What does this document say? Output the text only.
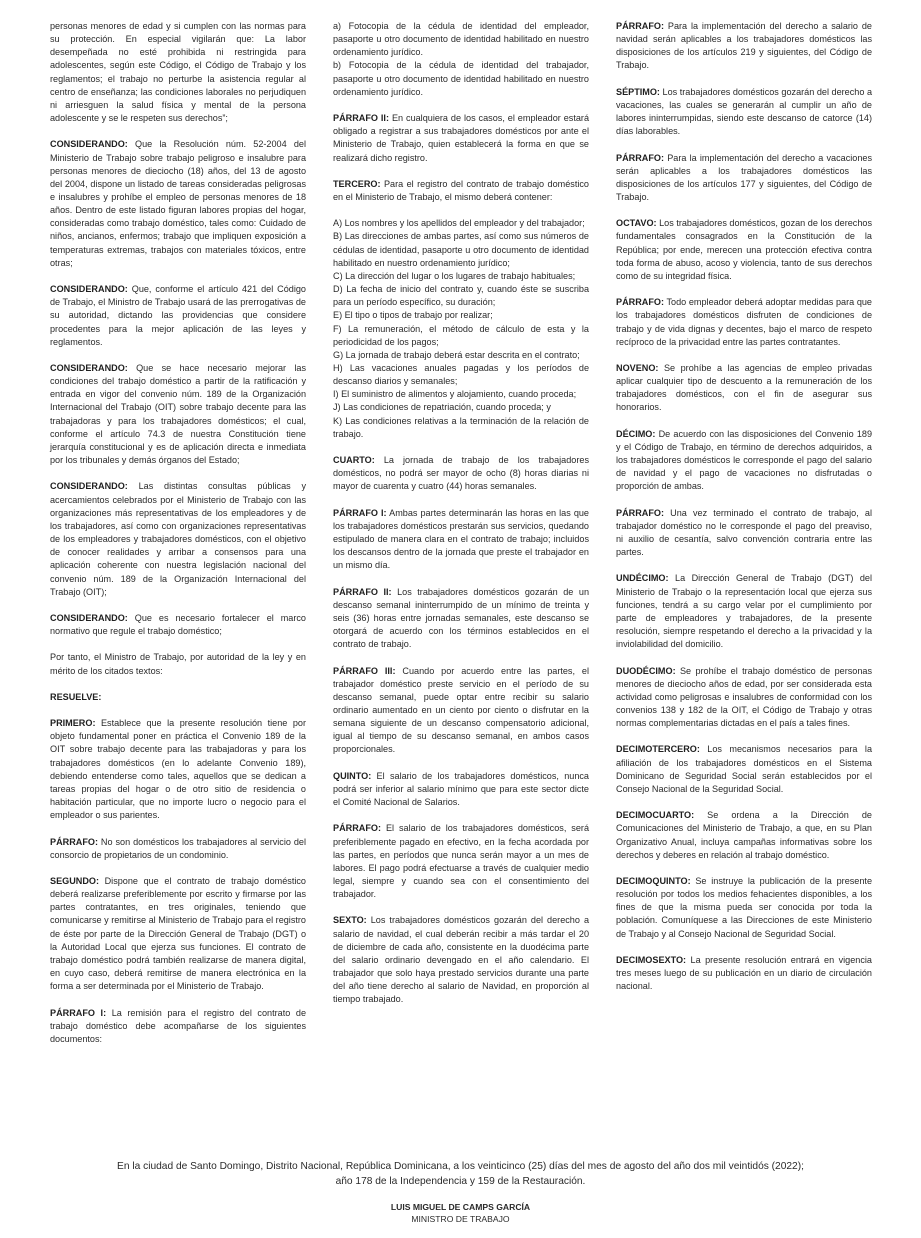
personas menores de edad y si cumplen con las normas para su protección. En especial vigilarán que: La labor desempeñada no esté prohibida ni restringida para adolescentes, según este Código, el Código de Trabajo y los reglamentos; el trabajo no perturbe la asistencia regular al centro de enseñanza; las condiciones laborales no perjudiquen ni arriesguen la salud física y mental de la persona adolescente y se le respeten sus derechos”;

CONSIDERANDO: Que la Resolución núm. 52-2004 del Ministerio de Trabajo sobre trabajo peligroso e insalubre para personas menores de dieciocho (18) años, del 13 de agosto del 2004, dispone un listado de tareas consideradas peligrosas e insalubres y prohíbe el empleo de personas menores de 18 años. Dentro de este listado figuran labores propias del hogar, consideradas como trabajo doméstico, tales como: Cuidado de niños, ancianos, enfermos; trabajo que impliquen exposición a temperaturas extremas, trabajos con materiales tóxicos, entre otras;

CONSIDERANDO: Que, conforme el artículo 421 del Código de Trabajo, el Ministro de Trabajo usará de las prerrogativas de su autoridad, dictando las providencias que considere procedentes para la mejor aplicación de las leyes y reglamentos.

CONSIDERANDO: Que se hace necesario mejorar las condiciones del trabajo doméstico a partir de la ratificación y entrada en vigor del convenio núm. 189 de la Organización Internacional del Trabajo (OIT) sobre trabajo decente para las trabajadoras y para los trabajadores domésticos; el cual, conforme el artículo 74.3 de nuestra Constitución tiene jerarquía constitucional y es de aplicación directa e inmediata por los tribunales y demás órganos del Estado;

CONSIDERANDO: Las distintas consultas públicas y acercamientos celebrados por el Ministerio de Trabajo con las organizaciones más representativas de los empleadores y de los trabajadores, así como con organizaciones representativas de los empleadores y trabajadores domésticos, con el objetivo de conocer realidades y arribar a consensos para una aplicación coherente con nuestra legislación nacional del convenio núm. 189 de la Organización Internacional del Trabajo (OIT);

CONSIDERANDO: Que es necesario fortalecer el marco normativo que regule el trabajo doméstico;

Por tanto, el Ministro de Trabajo, por autoridad de la ley y en mérito de los citados textos:

RESUELVE:

PRIMERO: Establece que la presente resolución tiene por objeto fundamental poner en práctica el Convenio 189 de la OIT sobre trabajo decente para las trabajadoras y para los trabajadores domésticos (en lo adelante Convenio 189), debiendo entenderse como tales, aquellos que se dedican a tareas propias del hogar o de otro sitio de residencia o habitación particular, que no importe lucro o negocio para el empleador o sus parientes.

PÁRRAFO: No son domésticos los trabajadores al servicio del consorcio de propietarios de un condominio.

SEGUNDO: Dispone que el contrato de trabajo doméstico deberá realizarse preferiblemente por escrito y firmarse por las partes contratantes, en tres originales, teniendo que comunicarse y remitirse al Ministerio de Trabajo para el registro de éste por parte de la Dirección General de Trabajo (DGT) o la Autoridad Local que ejerza sus funciones. El contrato de trabajo doméstico podrá también realizarse de manera digital, en cuyo caso, deberá remitirse de manera electrónica en la forma a ser determinada por el Ministerio de Trabajo.

PÁRRAFO I: La remisión para el registro del contrato de trabajo doméstico debe acompañarse de los siguientes documentos:

a) Fotocopia de la cédula de identidad del empleador, pasaporte u otro documento de identidad habilitado en nuestro ordenamiento jurídico.

b) Fotocopia de la cédula de identidad del trabajador, pasaporte u otro documento de identidad habilitado en nuestro ordenamiento jurídico.

PÁRRAFO II: En cualquiera de los casos, el empleador estará obligado a registrar a sus trabajadores domésticos por ante el Ministerio de Trabajo, quien establecerá la forma en que se realizará dicho registro.

TERCERO: Para el registro del contrato de trabajo doméstico en el Ministerio de Trabajo, el mismo deberá contener:

A) Los nombres y los apellidos del empleador y del trabajador;

B) Las direcciones de ambas partes, así como sus números de cédulas de identidad, pasaporte u otro documento de identidad habilitado en nuestro ordenamiento jurídico;

C) La dirección del lugar o los lugares de trabajo habituales;

D) La fecha de inicio del contrato y, cuando éste se suscriba para un período específico, su duración;

E) El tipo o tipos de trabajo por realizar;

F) La remuneración, el método de cálculo de esta y la periodicidad de los pagos;

G) La jornada de trabajo deberá estar descrita en el contrato;

H) Las vacaciones anuales pagadas y los períodos de descanso diarios y semanales;

I) El suministro de alimentos y alojamiento, cuando proceda;

J) Las condiciones de repatriación, cuando proceda; y

K) Las condiciones relativas a la terminación de la relación de trabajo.

CUARTO: La jornada de trabajo de los trabajadores domésticos, no podrá ser mayor de ocho (8) horas diarias ni mayor de cuarenta y cuatro (44) horas semanales.

PÁRRAFO I: Ambas partes determinarán las horas en las que los trabajadores domésticos prestarán sus servicios, quedando estipulado de manera clara en el contrato de trabajo; incluidos los descansos dentro de la jornada que preste el trabajador en un mismo día.

PÁRRAFO II: Los trabajadores domésticos gozarán de un descanso semanal ininterrumpido de un mínimo de treinta y seis (36) horas entre jornadas semanales, este descanso se otorgará de acuerdo con los términos establecidos en el contrato de trabajo.

PÁRRAFO III: Cuando por acuerdo entre las partes, el trabajador doméstico preste servicio en el período de su descanso semanal, puede optar entre recibir su salario ordinario aumentado en un ciento por ciento o disfrutar en la semana siguiente de un descanso compensatorio adicional, igual al tiempo de su descanso semanal, en ambos casos proporcionales.

QUINTO: El salario de los trabajadores domésticos, nunca podrá ser inferior al salario mínimo que para este sector dicte el Comité Nacional de Salarios.

PÁRRAFO: El salario de los trabajadores domésticos, será preferiblemente pagado en efectivo, en la fecha acordada por las partes, en períodos que nunca serán mayor a un mes de labores. El pago podrá efectuarse a través de cualquier medio legal, siempre y cuando sea con el consentimiento del trabajador.

SEXTO: Los trabajadores domésticos gozarán del derecho a salario de navidad, el cual deberán recibir a más tardar el 20 de diciembre de cada año, consistente en la duodécima parte del salario ordinario devengado en el año calendario. El trabajador que solo haya prestado servicios durante una parte del año tiene derecho al salario de Navidad, en proporción al tiempo trabajado.

PÁRRAFO: Para la implementación del derecho a salario de navidad serán aplicables a los trabajadores domésticos las disposiciones de los artículos 219 y siguientes, del Código de Trabajo.

SÉPTIMO: Los trabajadores domésticos gozarán del derecho a vacaciones, las cuales se generarán al cumplir un año de labores ininterrumpidas, siendo este descanso de catorce (14) días laborables.

PÁRRAFO: Para la implementación del derecho a vacaciones serán aplicables a los trabajadores domésticos las disposiciones de los artículos 177 y siguientes, del Código de Trabajo.

OCTAVO: Los trabajadores domésticos, gozan de los derechos fundamentales consagrados en la Constitución de la República; por ende, merecen una protección efectiva contra toda forma de abuso, acoso y violencia, tanto de sus derechos como de su integridad física.

PÁRRAFO: Todo empleador deberá adoptar medidas para que los trabajadores domésticos disfruten de condiciones de trabajo y de vida dignas y decentes, bajo el marco de respeto recíproco de la privacidad entre las partes contratantes.

NOVENO: Se prohíbe a las agencias de empleo privadas aplicar cualquier tipo de descuento a la remuneración de los trabajadores domésticos, con el fin de asegurar sus honorarios.

DÉCIMO: De acuerdo con las disposiciones del Convenio 189 y el Código de Trabajo, en término de derechos adquiridos, a los trabajadores domésticos le corresponde el pago del salario de navidad y el pago de vacaciones no disfrutadas o proporción de ambas.

PÁRRAFO: Una vez terminado el contrato de trabajo, al trabajador doméstico no le corresponde el pago del preaviso, ni auxilio de cesantía, salvo convención contraria entre las partes.

UNDÉCIMO: La Dirección General de Trabajo (DGT) del Ministerio de Trabajo o la representación local que ejerza sus funciones, tendrá a su cargo velar por el cumplimiento por parte de empleadores y trabajadores, de la presente resolución, siempre respetando el derecho a la privacidad y la inviolabilidad del domicilio.

DUODÉCIMO: Se prohíbe el trabajo doméstico de personas menores de dieciocho años de edad, por ser considerada esta actividad como peligrosas e insalubres de conformidad con los convenios 138 y 182 de la OIT, el Código de Trabajo y otras normas complementarias dictadas en el país a tales fines.

DECIMOTERCERO: Los mecanismos necesarios para la afiliación de los trabajadores domésticos en el Sistema Dominicano de Seguridad Social serán establecidos por el Consejo Nacional de la Seguridad Social.

DECIMOCUARTO: Se ordena a la Dirección de Comunicaciones del Ministerio de Trabajo, a que, en su Plan Organizativo Anual, incluya campañas informativas sobre los derechos y deberes en relación al trabajo doméstico.

DECIMOQUINTO: Se instruye la publicación de la presente resolución por todos los medios fehacientes disponibles, a los fines de que la misma pueda ser conocida por toda la población. Comuníquese a las Direcciones de este Ministerio de Trabajo y al Consejo Nacional de Seguridad Social.

DECIMOSEXTO: La presente resolución entrará en vigencia tres meses luego de su publicación en un diario de circulación nacional.

En la ciudad de Santo Domingo, Distrito Nacional, República Dominicana, a los veinticinco (25) días del mes de agosto del año dos mil veintidós (2022);
año 178 de la Independencia y 159 de la Restauración.
LUIS MIGUEL DE CAMPS GARCÍA
MINISTRO DE TRABAJO
